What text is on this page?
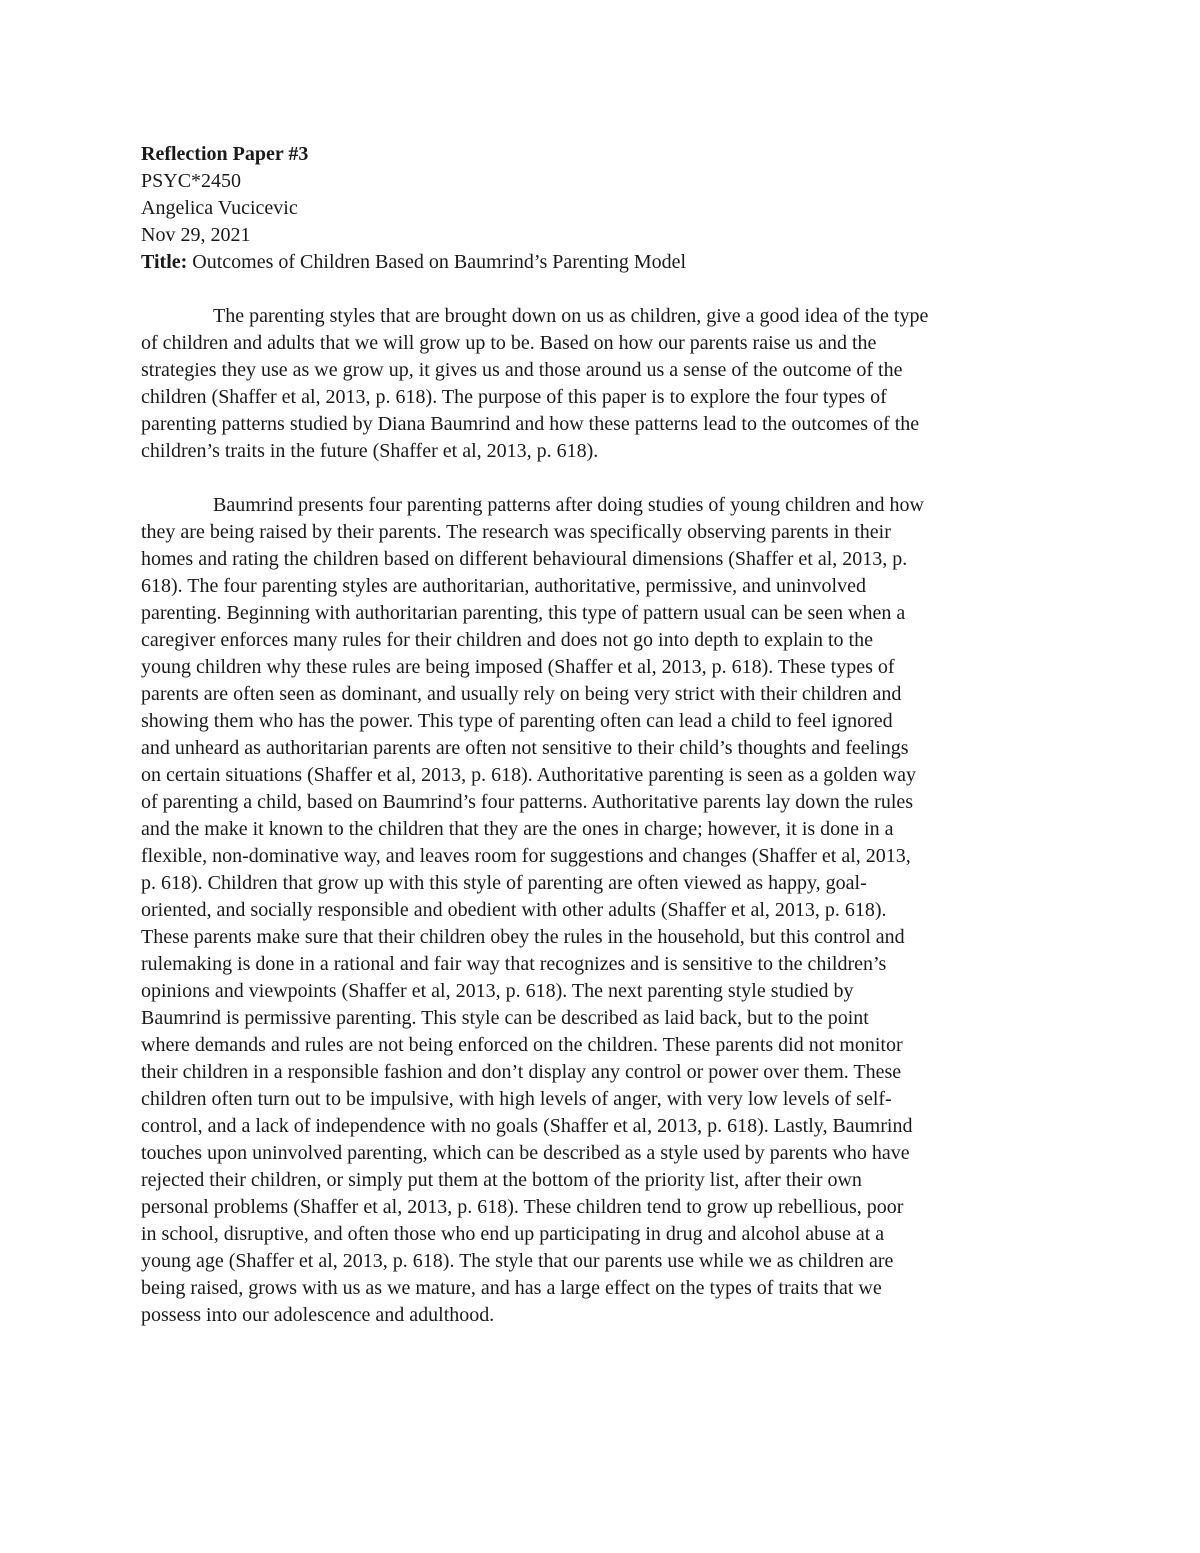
Reflection Paper #3

PSYC*2450

Angelica Vucicevic

Nov 29, 2021

Title: Outcomes of Children Based on Baumrind’s Parenting Model

The parenting styles that are brought down on us as children, give a good idea of the type
of children and adults that we will grow up to be. Based on how our parents raise us and the
strategies they use as we grow up, it gives us and those around us a sense of the outcome of the
children (Shaffer et al, 2013, p. 618). The purpose of this paper is to explore the four types of
parenting patterns studied by Diana Baumrind and how these patterns lead to the outcomes of the
children’s traits in the future (Shaffer et al, 2013, p. 618).
Baumrind presents four parenting patterns after doing studies of young children and how
they are being raised by their parents. The research was specifically observing parents in their
homes and rating the children based on different behavioural dimensions (Shaffer et al, 2013, p.
618). The four parenting styles are authoritarian, authoritative, permissive, and uninvolved
parenting. Beginning with authoritarian parenting, this type of pattern usual can be seen when a
caregiver enforces many rules for their children and does not go into depth to explain to the
young children why these rules are being imposed (Shaffer et al, 2013, p. 618). These types of
parents are often seen as dominant, and usually rely on being very strict with their children and
showing them who has the power. This type of parenting often can lead a child to feel ignored
and unheard as authoritarian parents are often not sensitive to their child’s thoughts and feelings
on certain situations (Shaffer et al, 2013, p. 618). Authoritative parenting is seen as a golden way
of parenting a child, based on Baumrind’s four patterns. Authoritative parents lay down the rules
and the make it known to the children that they are the ones in charge; however, it is done in a
flexible, non-dominative way, and leaves room for suggestions and changes (Shaffer et al, 2013,
p. 618). Children that grow up with this style of parenting are often viewed as happy, goal-
oriented, and socially responsible and obedient with other adults (Shaffer et al, 2013, p. 618).
These parents make sure that their children obey the rules in the household, but this control and
rulemaking is done in a rational and fair way that recognizes and is sensitive to the children’s
opinions and viewpoints (Shaffer et al, 2013, p. 618). The next parenting style studied by
Baumrind is permissive parenting. This style can be described as laid back, but to the point
where demands and rules are not being enforced on the children. These parents did not monitor
their children in a responsible fashion and don’t display any control or power over them. These
children often turn out to be impulsive, with high levels of anger, with very low levels of self-
control, and a lack of independence with no goals (Shaffer et al, 2013, p. 618). Lastly, Baumrind
touches upon uninvolved parenting, which can be described as a style used by parents who have
rejected their children, or simply put them at the bottom of the priority list, after their own
personal problems (Shaffer et al, 2013, p. 618). These children tend to grow up rebellious, poor
in school, disruptive, and often those who end up participating in drug and alcohol abuse at a
young age (Shaffer et al, 2013, p. 618). The style that our parents use while we as children are
being raised, grows with us as we mature, and has a large effect on the types of traits that we
possess into our adolescence and adulthood.
